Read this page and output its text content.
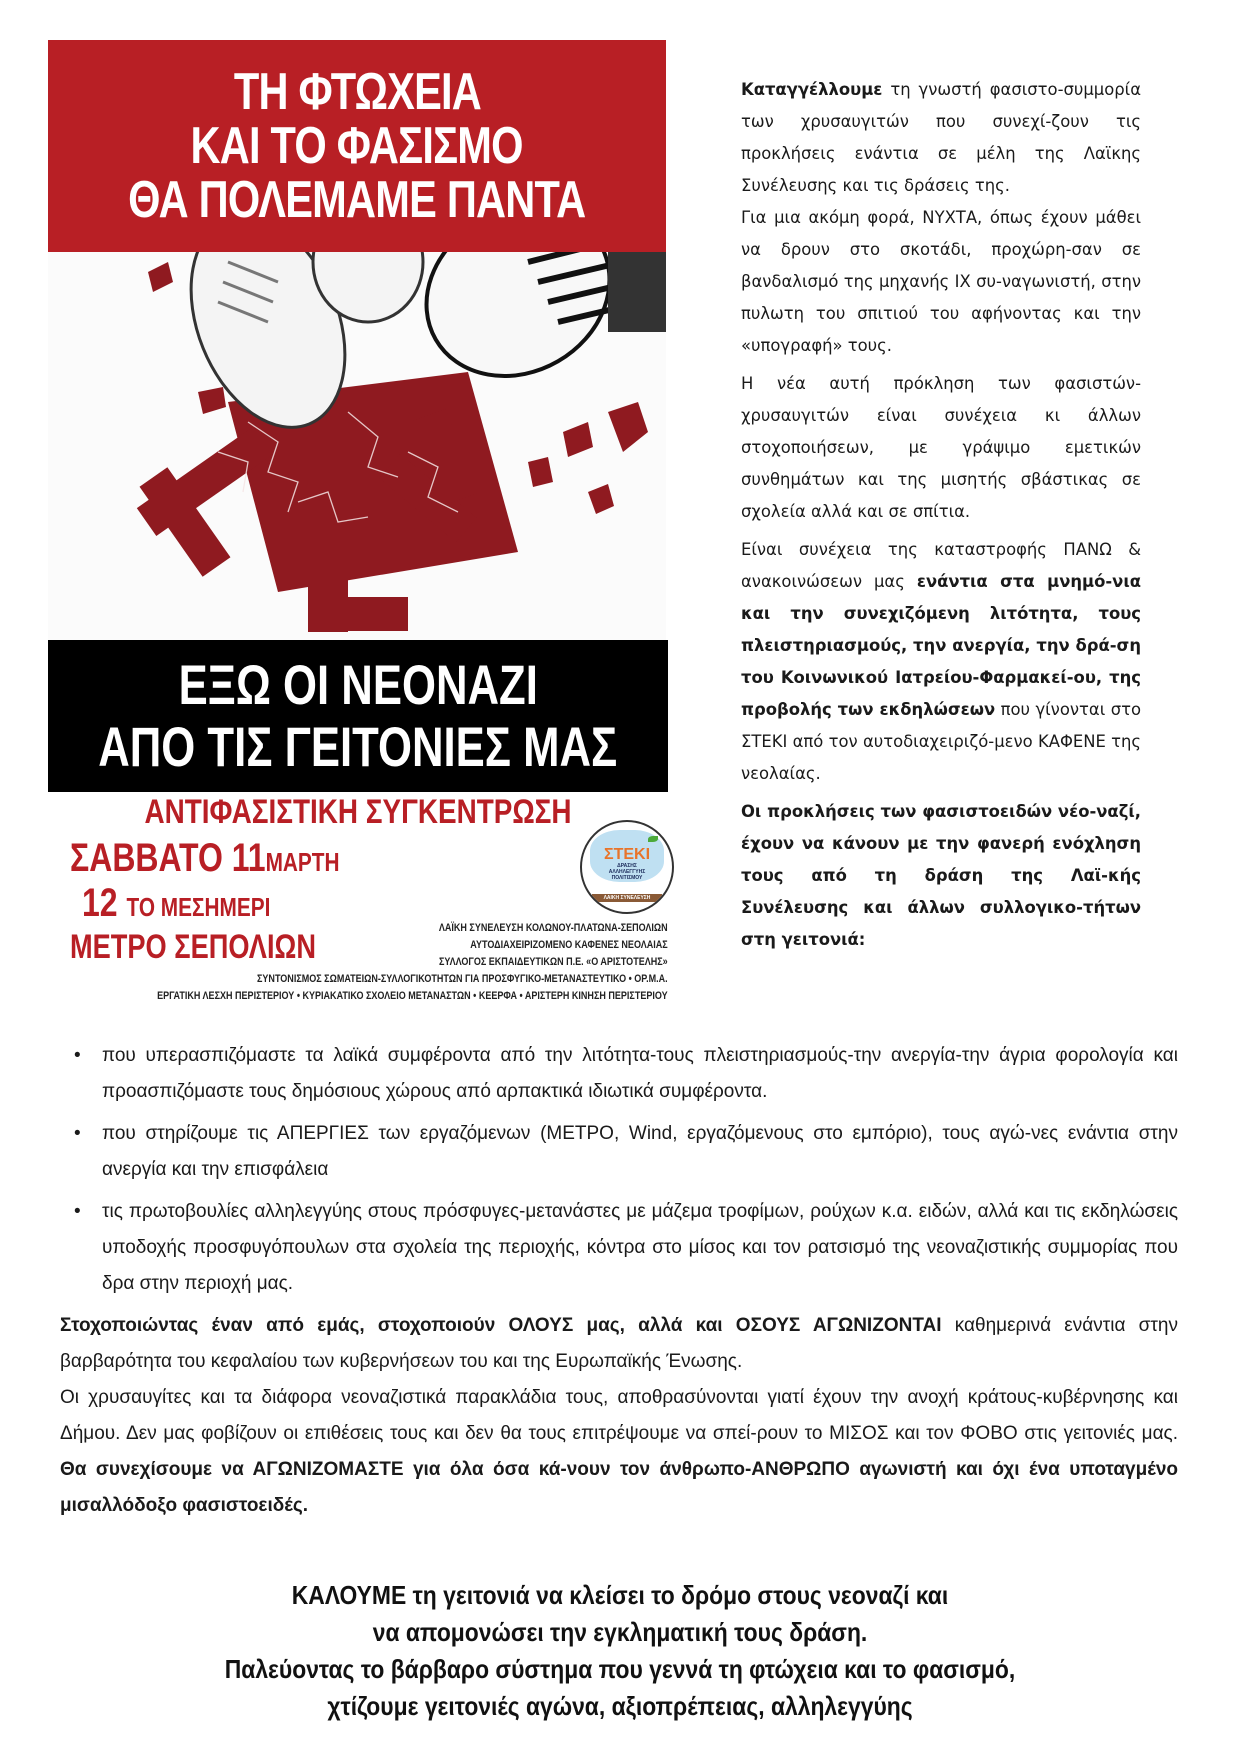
ΤΗ ΦΤΩΧΕΙΑ
ΚΑΙ ΤΟ ΦΑΣΙΣΜΟ
ΘΑ ΠΟΛΕΜΑΜΕ ΠΑΝΤΑ
ΕΞΩ ΟΙ ΝΕΟΝΑΖΙ
ΑΠΟ ΤΙΣ ΓΕΙΤΟΝΙΕΣ ΜΑΣ
ΑΝΤΙΦΑΣΙΣΤΙΚΗ ΣΥΓΚΕΝΤΡΩΣΗ
ΣΑΒΒΑΤΟ 11ΜΑΡΤΗ
12 ΤΟ ΜΕΣΗΜΕΡΙ
ΜΕΤΡΟ ΣΕΠΟΛΙΩΝ
ΣΤΕΚΙ
ΔΡΑΣΗΣ
ΑΛΛΗΛΕΓΓΥΗΣ
ΠΟΛΙΤΙΣΜΟΥ
ΛΑΙΚΗ ΣΥΝΕΛΕΥΣΗ
ΛΑΪΚΗ ΣΥΝΕΛΕΥΣΗ ΚΟΛΩΝΟΥ-ΠΛΑΤΩΝΑ-ΣΕΠΟΛΙΩΝ
ΑΥΤΟΔΙΑΧΕΙΡΙΖΟΜΕΝΟ ΚΑΦΕΝΕΣ ΝΕΟΛΑΙΑΣ
ΣΥΛΛΟΓΟΣ ΕΚΠΑΙΔΕΥΤΙΚΩΝ Π.Ε. «Ο ΑΡΙΣΤΟΤΕΛΗΣ»
ΣΥΝΤΟΝΙΣΜΟΣ ΣΩΜΑΤΕΙΩΝ-ΣΥΛΛΟΓΙΚΟΤΗΤΩΝ ΓΙΑ ΠΡΟΣΦΥΓΙΚΟ-ΜΕΤΑΝΑΣΤΕΥΤΙΚΟ • ΟΡ.Μ.Α.
ΕΡΓΑΤΙΚΗ ΛΕΣΧΗ ΠΕΡΙΣΤΕΡΙΟΥ • ΚΥΡΙΑΚΑΤΙΚΟ ΣΧΟΛΕΙΟ ΜΕΤΑΝΑΣΤΩΝ • ΚΕΕΡΦΑ • ΑΡΙΣΤΕΡΗ ΚΙΝΗΣΗ ΠΕΡΙΣΤΕΡΙΟΥ

Καταγγέλλουμε τη γνωστή φασιστο-συμμορία των χρυσαυγιτών που συνεχί-ζουν τις προκλήσεις ενάντια σε μέλη της Λαϊκης Συνέλευσης και τις δράσεις της.

Για μια ακόμη φορά, ΝΥΧΤΑ, όπως έχουν μάθει να δρουν στο σκοτάδι, προχώρη-σαν σε βανδαλισμό της μηχανής ΙΧ συ-ναγωνιστή, στην πυλωτη του σπιτιού του αφήνοντας και την «υπογραφή» τους.

Η νέα αυτή πρόκληση των φασιστών-χρυσαυγιτών είναι συνέχεια κι άλλων στοχοποιήσεων, με γράψιμο εμετικών συνθημάτων και της μισητής σβάστικας σε σχολεία αλλά και σε σπίτια.

Είναι συνέχεια της καταστροφής ΠΑΝΩ & ανακοινώσεων μας ενάντια στα μνημό-νια και την συνεχιζόμενη λιτότητα, τους πλειστηριασμούς, την ανεργία, την δρά-ση του Κοινωνικού Ιατρείου-Φαρμακεί-ου, της προβολής των εκδηλώσεων που γίνονται στο ΣΤΕΚΙ από τον αυτοδιαχειριζό-μενο ΚΑΦΕΝΕ της νεολαίας.

Οι προκλήσεις των φασιστοειδών νέο-ναζί, έχουν να κάνουν με την φανερή ενόχληση τους από τη δράση της Λαϊ-κής Συνέλευσης και άλλων συλλογικο-τήτων στη γειτονιά:

• που υπερασπιζόμαστε τα λαϊκά συμφέροντα από την λιτότητα-τους πλειστηριασμούς-την ανεργία-την άγρια φορολογία και προασπιζόμαστε τους δημόσιους χώρους από αρπακτικά ιδιωτικά συμφέροντα.
• που στηρίζουμε τις ΑΠΕΡΓΙΕΣ των εργαζόμενων (ΜΕΤΡΟ, Wind, εργαζόμενους στο εμπόριο), τους αγώ-νες ενάντια στην ανεργία και την επισφάλεια
• τις πρωτοβουλίες αλληλεγγύης στους πρόσφυγες-μετανάστες με μάζεμα τροφίμων, ρούχων κ.α. ειδών, αλλά και τις εκδηλώσεις υποδοχής προσφυγόπουλων στα σχολεία της περιοχής, κόντρα στο μίσος και τον ρατσισμό της νεοναζιστικής συμμορίας που δρα στην περιοχή μας.

Στοχοποιώντας έναν από εμάς, στοχοποιούν ΟΛΟΥΣ μας, αλλά και ΟΣΟΥΣ ΑΓΩΝΙΖΟΝΤΑΙ καθημερινά ενάντια στην βαρβαρότητα του κεφαλαίου των κυβερνήσεων του και της Ευρωπαϊκής Ένωσης.

Οι χρυσαυγίτες και τα διάφορα νεοναζιστικά παρακλάδια τους, αποθρασύνονται γιατί έχουν την ανοχή κράτους-κυβέρνησης και Δήμου. Δεν μας φοβίζουν οι επιθέσεις τους και δεν θα τους επιτρέψουμε να σπεί-ρουν το ΜΙΣΟΣ και τον ΦΟΒΟ στις γειτονιές μας. Θα συνεχίσουμε να ΑΓΩΝΙΖΟΜΑΣΤΕ για όλα όσα κά-νουν τον άνθρωπο-ΑΝΘΡΩΠΟ αγωνιστή και όχι ένα υποταγμένο μισαλλόδοξο φασιστοειδές.

ΚΑΛΟΥΜΕ τη γειτονιά να κλείσει το δρόμο στους νεοναζί και
να απομονώσει την εγκληματική τους δράση.
Παλεύοντας το βάρβαρο σύστημα που γεννά τη φτώχεια και το φασισμό,
χτίζουμε γειτονιές αγώνα, αξιοπρέπειας, αλληλεγγύης
